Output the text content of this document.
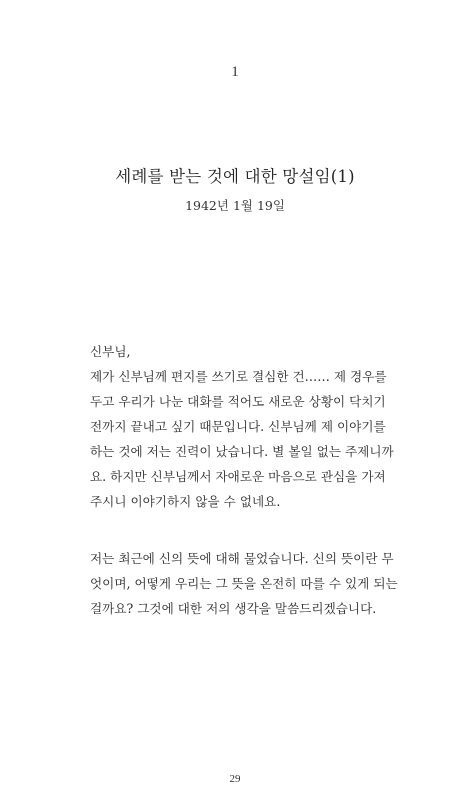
1
세례를 받는 것에 대한 망설임(1)
1942년 1월 19일
신부님,
제가 신부님께 편지를 쓰기로 결심한 건…… 제 경우를
두고 우리가 나눈 대화를 적어도 새로운 상황이 닥치기
전까지 끝내고 싶기 때문입니다. 신부님께 제 이야기를
하는 것에 저는 진력이 났습니다. 별 볼일 없는 주제니까
요. 하지만 신부님께서 자애로운 마음으로 관심을 가져
주시니 이야기하지 않을 수 없네요.
저는 최근에 신의 뜻에 대해 물었습니다. 신의 뜻이란 무
엇이며, 어떻게 우리는 그 뜻을 온전히 따를 수 있게 되는
걸까요? 그것에 대한 저의 생각을 말씀드리겠습니다.
29
